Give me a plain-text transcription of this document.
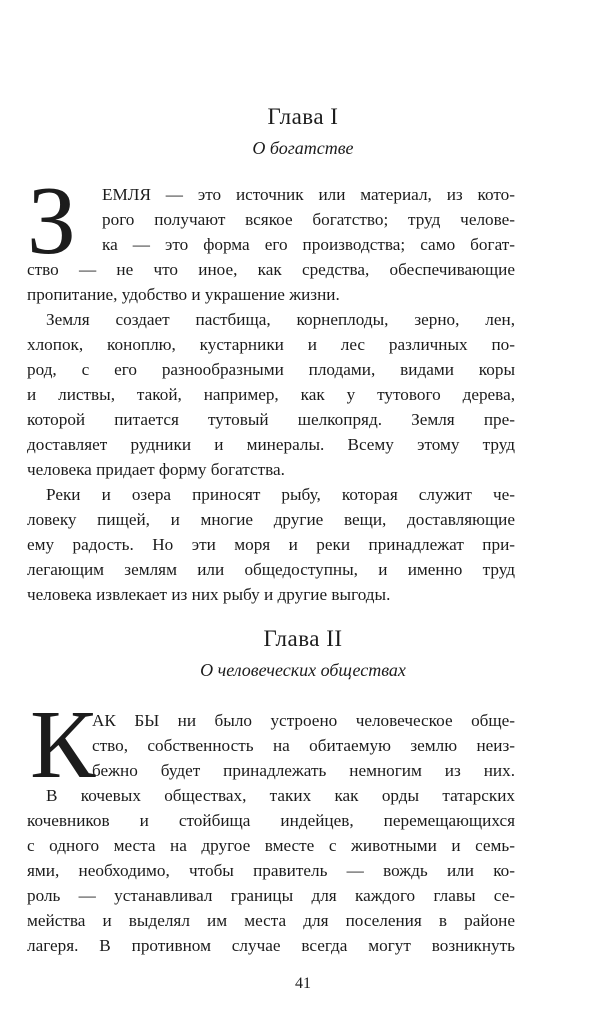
Глава I
О богатстве
З ЕМЛЯ — это источник или материал, из кото-
рого получают всякое богатство; труд челове-
ка — это форма его производства; само богат-
ство — не что иное, как средства, обеспечивающие
пропитание, удобство и украшение жизни.
Земля создает пастбища, корнеплоды, зерно, лен,
хлопок, коноплю, кустарники и лес различных по-
род, с его разнообразными плодами, видами коры
и листвы, такой, например, как у тутового дерева,
которой питается тутовый шелкопряд. Земля пре-
доставляет рудники и минералы. Всему этому труд
человека придает форму богатства.
Реки и озера приносят рыбу, которая служит че-
ловеку пищей, и многие другие вещи, доставляющие
ему радость. Но эти моря и реки принадлежат при-
легающим землям или общедоступны, и именно труд
человека извлекает из них рыбу и другие выгоды.
Глава II
О человеческих обществах
К
АК БЫ ни было устроено человеческое обще-
ство, собственность на обитаемую землю неиз-
бежно будет принадлежать немногим из них.
В кочевых обществах, таких как орды татарских
кочевников и стойбища индейцев, перемещающихся
с одного места на другое вместе с животными и семь-
ями, необходимо, чтобы правитель — вождь или ко-
роль — устанавливал границы для каждого главы се-
мейства и выделял им места для поселения в районе
лагеря. В противном случае всегда могут возникнуть
41
